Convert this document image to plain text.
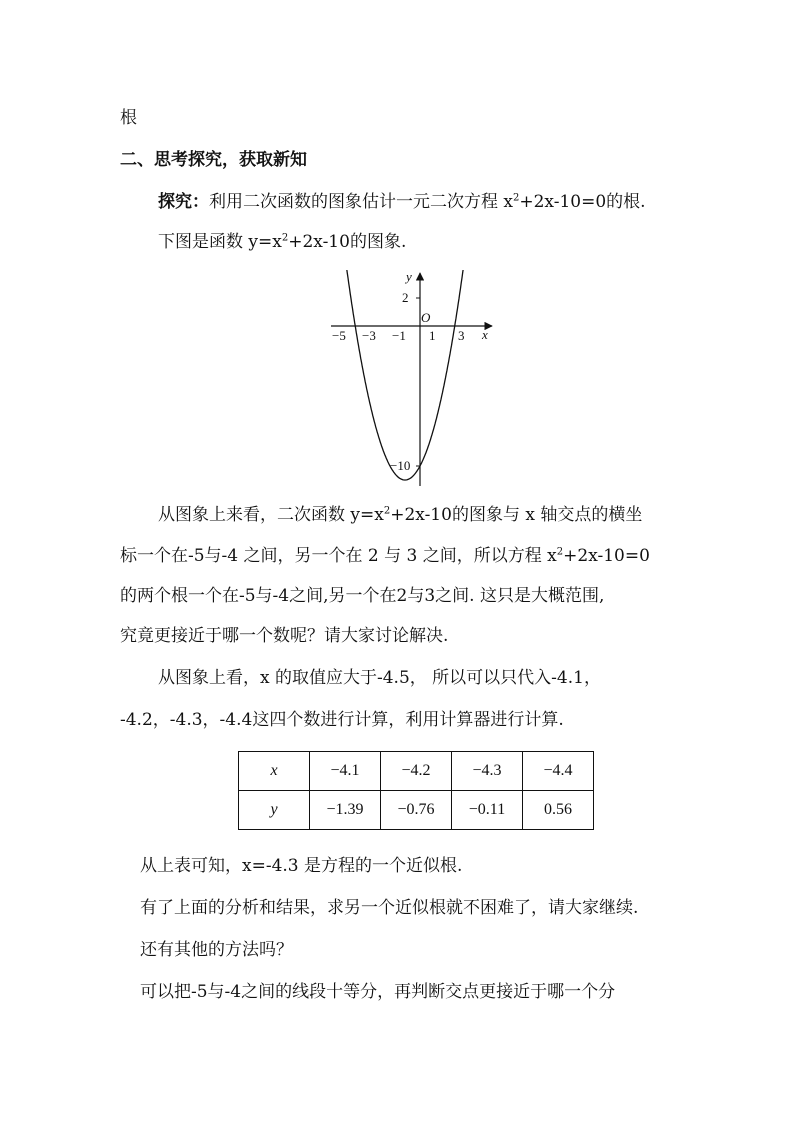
根
二、思考探究，获取新知
探究：利用二次函数的图象估计一元二次方程 $x^2+2x-10=0$的根.
下图是函数 $y=x^2+2x-10$的图象.
y
x
O
2
−10
−5 −3 −1 1 3
从图象上来看，二次函数 $y=x^2+2x-10$的图象与 x 轴交点的横坐
标一个在-5与-4 之间，另一个在 2 与 3 之间，所以方程 $x^2+2x-10=0$
的两个根一个在-5与-4之间,另一个在2与3之间. 这只是大概范围,
究竟更接近于哪一个数呢？请大家讨论解决.
从图象上看，x 的取值应大于-4.5， 所以可以只代入-4.1，
-4.2，-4.3，-4.4这四个数进行计算，利用计算器进行计算.
x	−4.1	−4.2	−4.3	−4.4
y	−1.39	−0.76	−0.11	0.56
从上表可知，x=-4.3 是方程的一个近似根.
有了上面的分析和结果，求另一个近似根就不困难了，请大家继续.
还有其他的方法吗？
可以把-5与-4之间的线段十等分，再判断交点更接近于哪一个分
